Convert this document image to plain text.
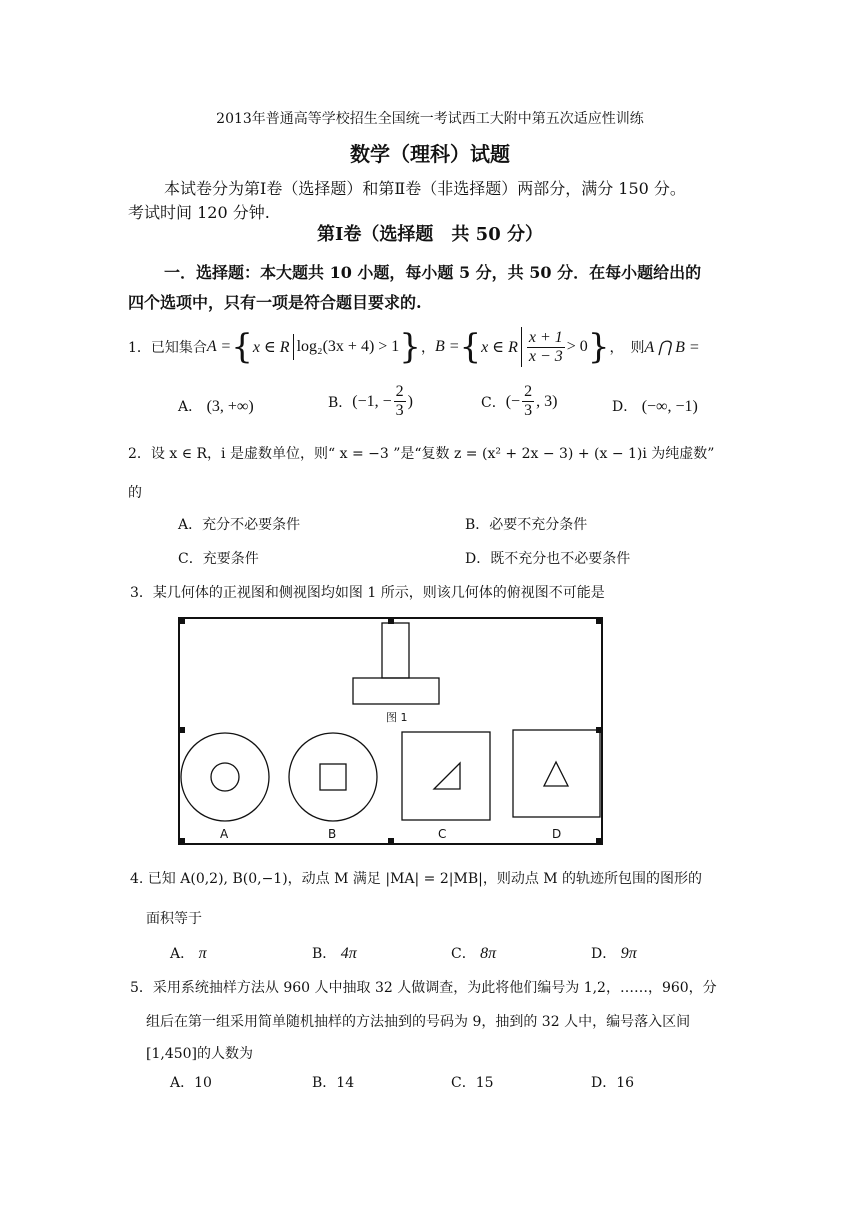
2013年普通高等学校招生全国统一考试西工大附中第五次适应性训练
数学（理科）试题
本试卷分为第Ⅰ卷（选择题）和第Ⅱ卷（非选择题）两部分，满分 150 分。
考试时间 120 分钟.
第Ⅰ卷（选择题　共 50 分）
一．选择题：本大题共 10 小题，每小题 5 分，共 50 分．在每小题给出的
四个选项中，只有一项是符合题目要求的.
1．已知集合 A = { x ∈ R log₂(3x + 4) > 1 } ， B = { x ∈ R $\frac{x + 1}{x - 3} > 0$ } ，　则 A ⋂ B =
A． (3, +∞)	B． (−1, − $\frac{2}{3}$ )	C． (− $\frac{2}{3}$ , 3)	D． (−∞, −1)
2．设 x ∈ R，i 是虚数单位，则“ x = −3 ”是“复数 z = (x² + 2x − 3) + (x − 1)i 为纯虚数”
的
A．充分不必要条件	B．必要不充分条件
C．充要条件	D．既不充分也不必要条件
3．某几何体的正视图和侧视图均如图 1 所示，则该几何体的俯视图不可能是
图 1
A	B	C	D
4. 已知 A(0,2), B(0,−1)，动点 M 满足 |MA| = 2|MB|，则动点 M 的轨迹所包围的图形的
面积等于
A． π	B． 4π	C． 8π	D． 9π
5．采用系统抽样方法从 960 人中抽取 32 人做调查，为此将他们编号为 1,2，……，960，分
组后在第一组采用简单随机抽样的方法抽到的号码为 9，抽到的 32 人中，编号落入区间
[1,450]的人数为
A．10	B．14	C．15	D．16
